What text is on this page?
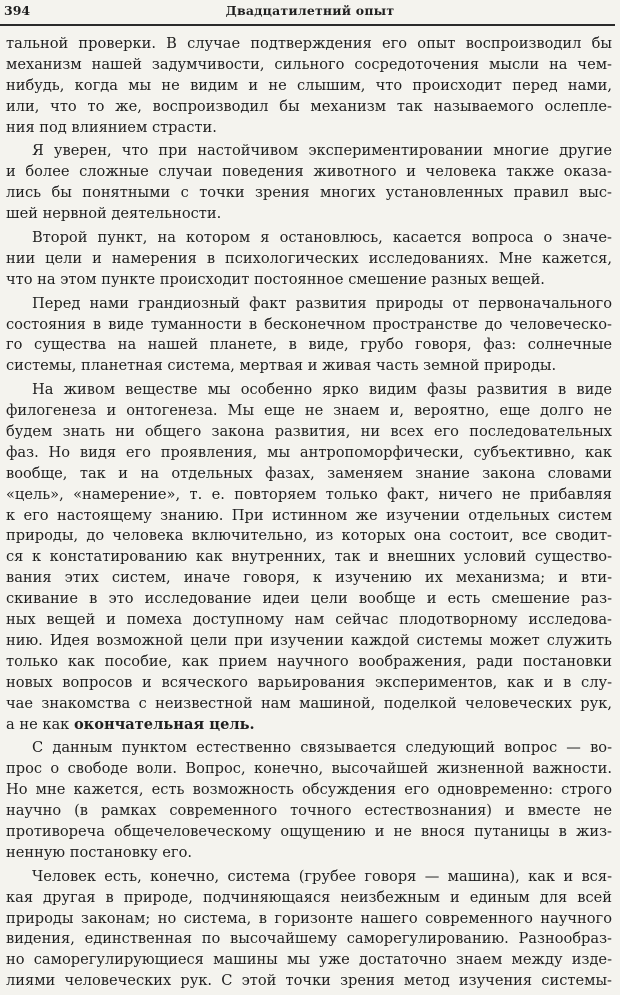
394	Двадцатилетний опыт
тальной проверки. В случае подтверждения его опыт воспроизводил бы
механизм нашей задумчивости, сильного сосредоточения мысли на чем-
нибудь, когда мы не видим и не слышим, что происходит перед нами,
или, что то же, воспроизводил бы механизм так называемого ослепле-
ния под влиянием страсти.
Я уверен, что при настойчивом экспериментировании многие другие
и более сложные случаи поведения животного и человека также оказа-
лись бы понятными с точки зрения многих установленных правил выс-
шей нервной деятельности.
Второй пункт, на котором я остановлюсь, касается вопроса о значе-
нии цели и намерения в психологических исследованиях. Мне кажется,
что на этом пункте происходит постоянное смешение разных вещей.
Перед нами грандиозный факт развития природы от первоначального
состояния в виде туманности в бесконечном пространстве до человеческо-
го существа на нашей планете, в виде, грубо говоря, фаз: солнечные
системы, планетная система, мертвая и живая часть земной природы.
На живом веществе мы особенно ярко видим фазы развития в виде
филогенеза и онтогенеза. Мы еще не знаем и, вероятно, еще долго не
будем знать ни общего закона развития, ни всех его последовательных
фаз. Но видя его проявления, мы антропоморфически, субъективно, как
вообще, так и на отдельных фазах, заменяем знание закона словами
«цель», «намерение», т. е. повторяем только факт, ничего не прибавляя
к его настоящему знанию. При истинном же изучении отдельных систем
природы, до человека включительно, из которых она состоит, все сводит-
ся к констатированию как внутренних, так и внешних условий существо-
вания этих систем, иначе говоря, к изучению их механизма; и вти-
скивание в это исследование идеи цели вообще и есть смешение раз-
ных вещей и помеха доступному нам сейчас плодотворному исследова-
нию. Идея возможной цели при изучении каждой системы может служить
только как пособие, как прием научного воображения, ради постановки
новых вопросов и всяческого варьирования экспериментов, как и в слу-
чае знакомства с неизвестной нам машиной, поделкой человеческих рук,
а не как окончательная цель.
С данным пунктом естественно связывается следующий вопрос — во-
прос о свободе воли. Вопрос, конечно, высочайшей жизненной важности.
Но мне кажется, есть возможность обсуждения его одновременно: строго
научно (в рамках современного точного естествознания) и вместе не
противореча общечеловеческому ощущению и не внося путаницы в жиз-
ненную постановку его.
Человек есть, конечно, система (грубее говоря — машина), как и вся-
кая другая в природе, подчиняющаяся неизбежным и единым для всей
природы законам; но система, в горизонте нашего современного научного
видения, единственная по высочайшему саморегулированию. Разнообраз-
но саморегулирующиеся машины мы уже достаточно знаем между изде-
лиями человеческих рук. С этой точки зрения метод изучения системы-
